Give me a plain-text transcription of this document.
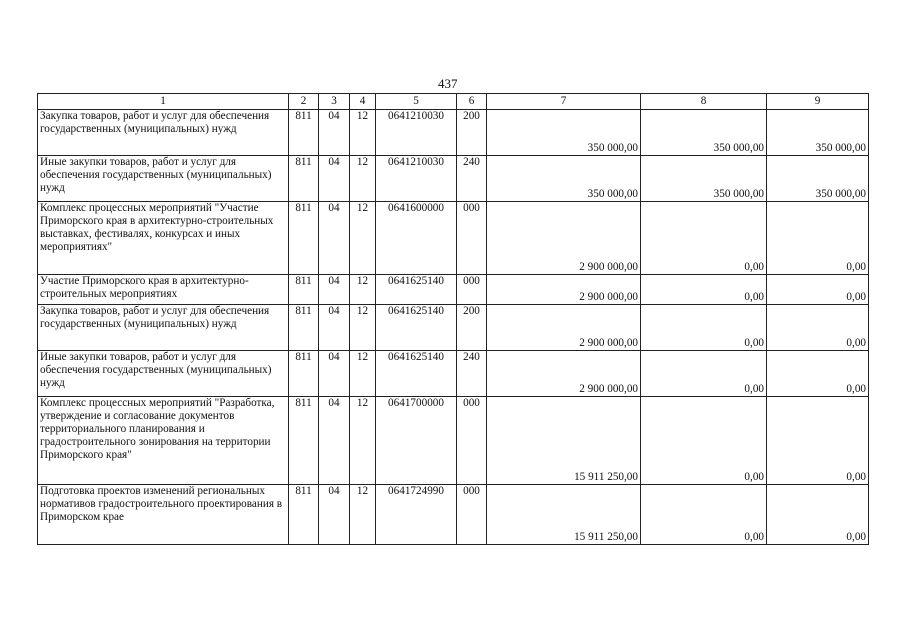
437
1	2	3	4	5	6	7	8	9
Закупка товаров, работ и услуг для обеспечения государственных (муниципальных) нужд	811	04	12	0641210030	200	350 000,00	350 000,00	350 000,00
Иные закупки товаров, работ и услуг для обеспечения государственных (муниципальных) нужд	811	04	12	0641210030	240	350 000,00	350 000,00	350 000,00
Комплекс процессных мероприятий "Участие Приморского края в архитектурно-строительных выставках, фестивалях, конкурсах и иных мероприятиях"	811	04	12	0641600000	000	2 900 000,00	0,00	0,00
Участие Приморского края в архитектурно-строительных мероприятиях	811	04	12	0641625140	000	2 900 000,00	0,00	0,00
Закупка товаров, работ и услуг для обеспечения государственных (муниципальных) нужд	811	04	12	0641625140	200	2 900 000,00	0,00	0,00
Иные закупки товаров, работ и услуг для обеспечения государственных (муниципальных) нужд	811	04	12	0641625140	240	2 900 000,00	0,00	0,00
Комплекс процессных мероприятий "Разработка, утверждение и согласование документов территориального планирования и градостроительного зонирования на территории Приморского края"	811	04	12	0641700000	000	15 911 250,00	0,00	0,00
Подготовка проектов изменений региональных нормативов градостроительного проектирования в Приморском крае	811	04	12	0641724990	000	15 911 250,00	0,00	0,00
